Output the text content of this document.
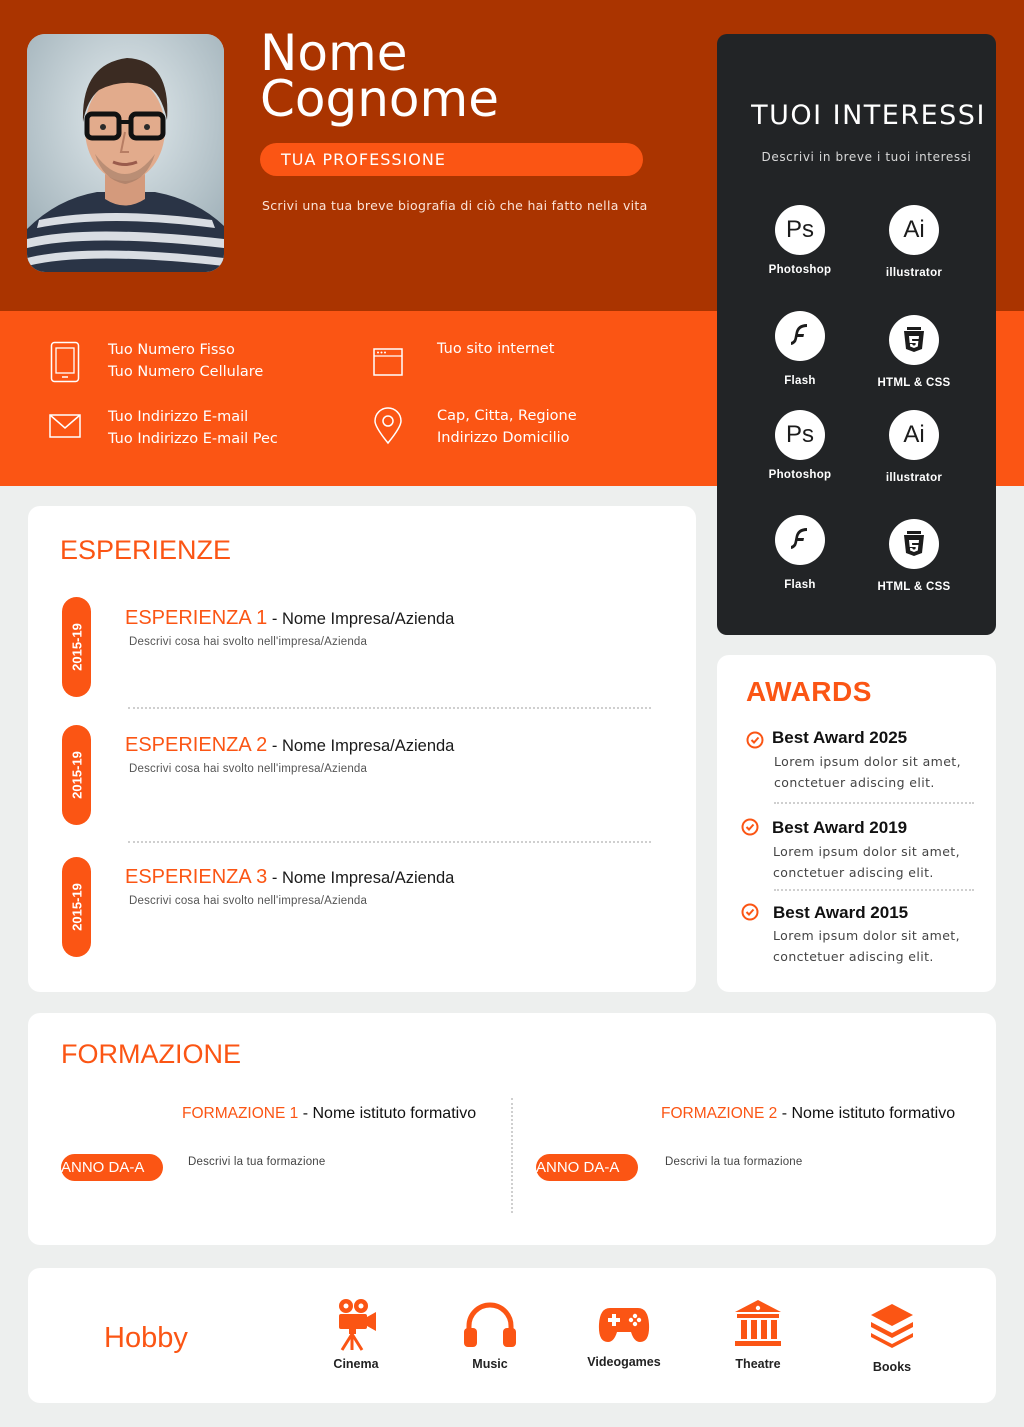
Nome
Cognome
TUA PROFESSIONE
Scrivi una tua breve biografia di ciò che hai fatto nella vita
Tuo Numero Fisso
Tuo Numero Cellulare
Tuo sito internet
Tuo Indirizzo E-mail
Tuo Indirizzo E-mail Pec
Cap, Citta, Regione
Indirizzo Domicilio
TUOI INTERESSI
Descrivi in breve i tuoi interessi
Ps
Photoshop
Ai
illustrator
Flash	HTML & CSS
Ps
Photoshop
Ai
illustrator
Flash	HTML & CSS
ESPERIENZE
2015-19
ESPERIENZA 1 - Nome Impresa/Azienda
Descrivi cosa hai svolto nell'impresa/Azienda
2015-19
ESPERIENZA 2 - Nome Impresa/Azienda
Descrivi cosa hai svolto nell'impresa/Azienda
2015-19
ESPERIENZA 3 - Nome Impresa/Azienda
Descrivi cosa hai svolto nell'impresa/Azienda
AWARDS
Best Award 2025
Lorem ipsum dolor sit amet, conctetuer adiscing elit.
Best Award 2019
Lorem ipsum dolor sit amet, conctetuer adiscing elit.
Best Award 2015
Lorem ipsum dolor sit amet, conctetuer adiscing elit.
FORMAZIONE
FORMAZIONE 1 - Nome istituto formativo
ANNO DA-A	Descrivi la tua formazione
FORMAZIONE 2 - Nome istituto formativo
ANNO DA-A	Descrivi la tua formazione
Hobby
Cinema	Music	Videogames	Theatre	Books
